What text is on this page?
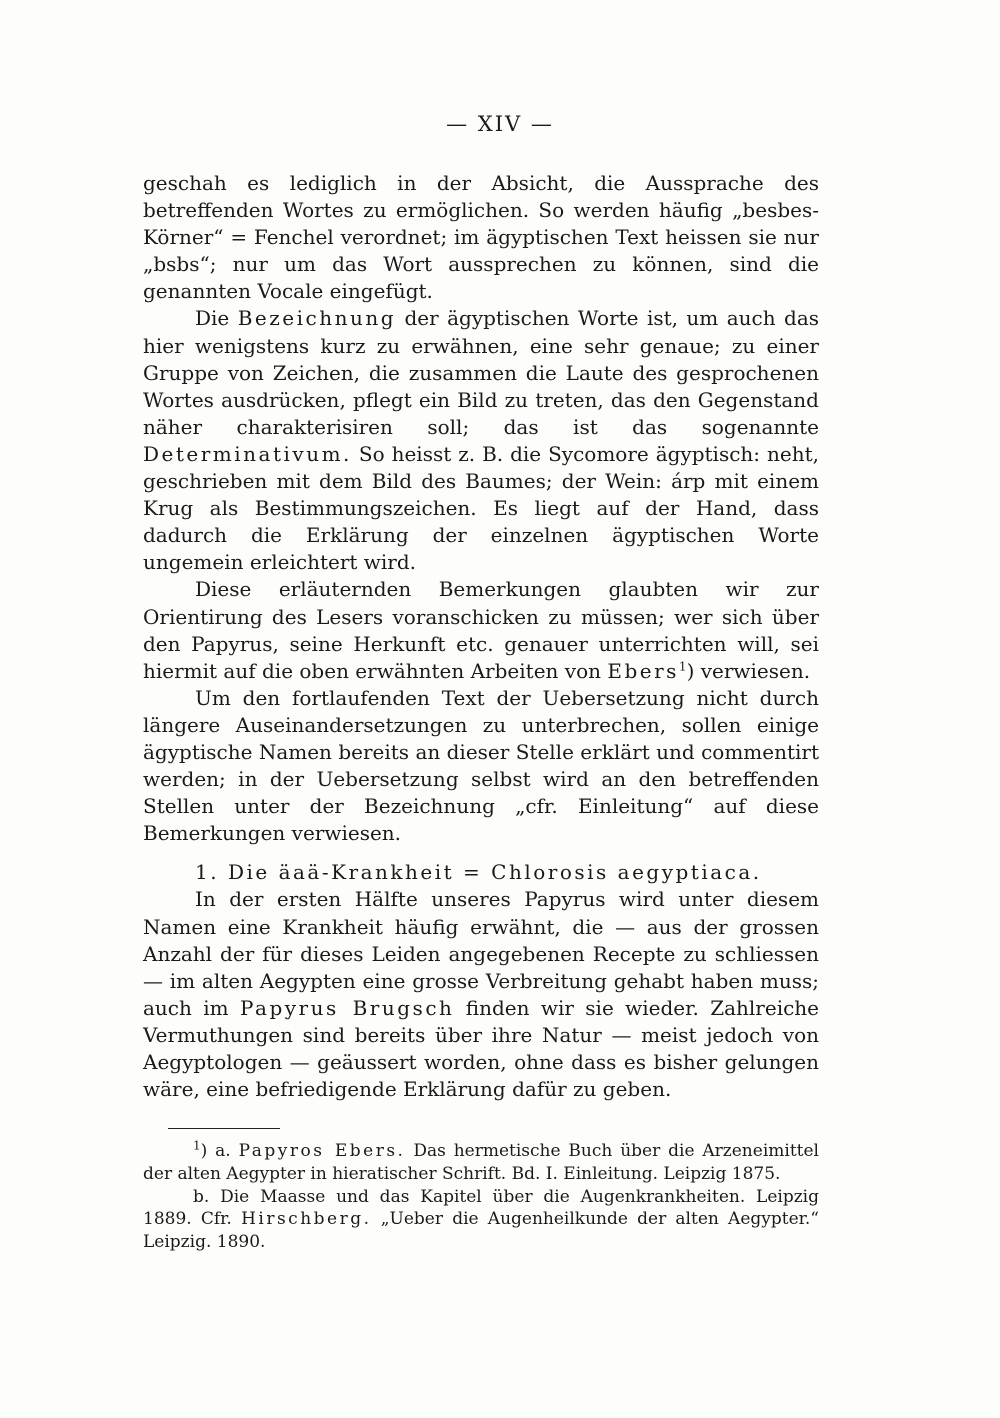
— XIV —

geschah es lediglich in der Absicht, die Aussprache des betreffenden Wortes zu ermöglichen. So werden häufig „besbes-Körner“ = Fenchel verordnet; im ägyptischen Text heissen sie nur „bsbs“; nur um das Wort aussprechen zu können, sind die genannten Vocale eingefügt.

Die Bezeichnung der ägyptischen Worte ist, um auch das hier wenigstens kurz zu erwähnen, eine sehr genaue; zu einer Gruppe von Zeichen, die zusammen die Laute des gesprochenen Wortes ausdrücken, pflegt ein Bild zu treten, das den Gegenstand näher charakterisiren soll; das ist das sogenannte Determinativum. So heisst z. B. die Sycomore ägyptisch: neht, geschrieben mit dem Bild des Baumes; der Wein: árp mit einem Krug als Bestimmungszeichen. Es liegt auf der Hand, dass dadurch die Erklärung der einzelnen ägyptischen Worte ungemein erleichtert wird.

Diese erläuternden Bemerkungen glaubten wir zur Orientirung des Lesers voranschicken zu müssen; wer sich über den Papyrus, seine Herkunft etc. genauer unterrichten will, sei hiermit auf die oben erwähnten Arbeiten von Ebers$^1$) verwiesen.

Um den fortlaufenden Text der Uebersetzung nicht durch längere Auseinandersetzungen zu unterbrechen, sollen einige ägyptische Namen bereits an dieser Stelle erklärt und commentirt werden; in der Uebersetzung selbst wird an den betreffenden Stellen unter der Bezeichnung „cfr. Einleitung“ auf diese Bemerkungen verwiesen.

1. Die äaä-Krankheit = Chlorosis aegyptiaca.

In der ersten Hälfte unseres Papyrus wird unter diesem Namen eine Krankheit häufig erwähnt, die — aus der grossen Anzahl der für dieses Leiden angegebenen Recepte zu schliessen — im alten Aegypten eine grosse Verbreitung gehabt haben muss; auch im Papyrus Brugsch finden wir sie wieder. Zahlreiche Vermuthungen sind bereits über ihre Natur — meist jedoch von Aegyptologen — geäussert worden, ohne dass es bisher gelungen wäre, eine befriedigende Erklärung dafür zu geben.

$^1$) a. Papyros Ebers. Das hermetische Buch über die Arzeneimittel der alten Aegypter in hieratischer Schrift. Bd. I. Einleitung. Leipzig 1875.

b. Die Maasse und das Kapitel über die Augenkrankheiten. Leipzig 1889. Cfr. Hirschberg. „Ueber die Augenheilkunde der alten Aegypter.“ Leipzig. 1890.
